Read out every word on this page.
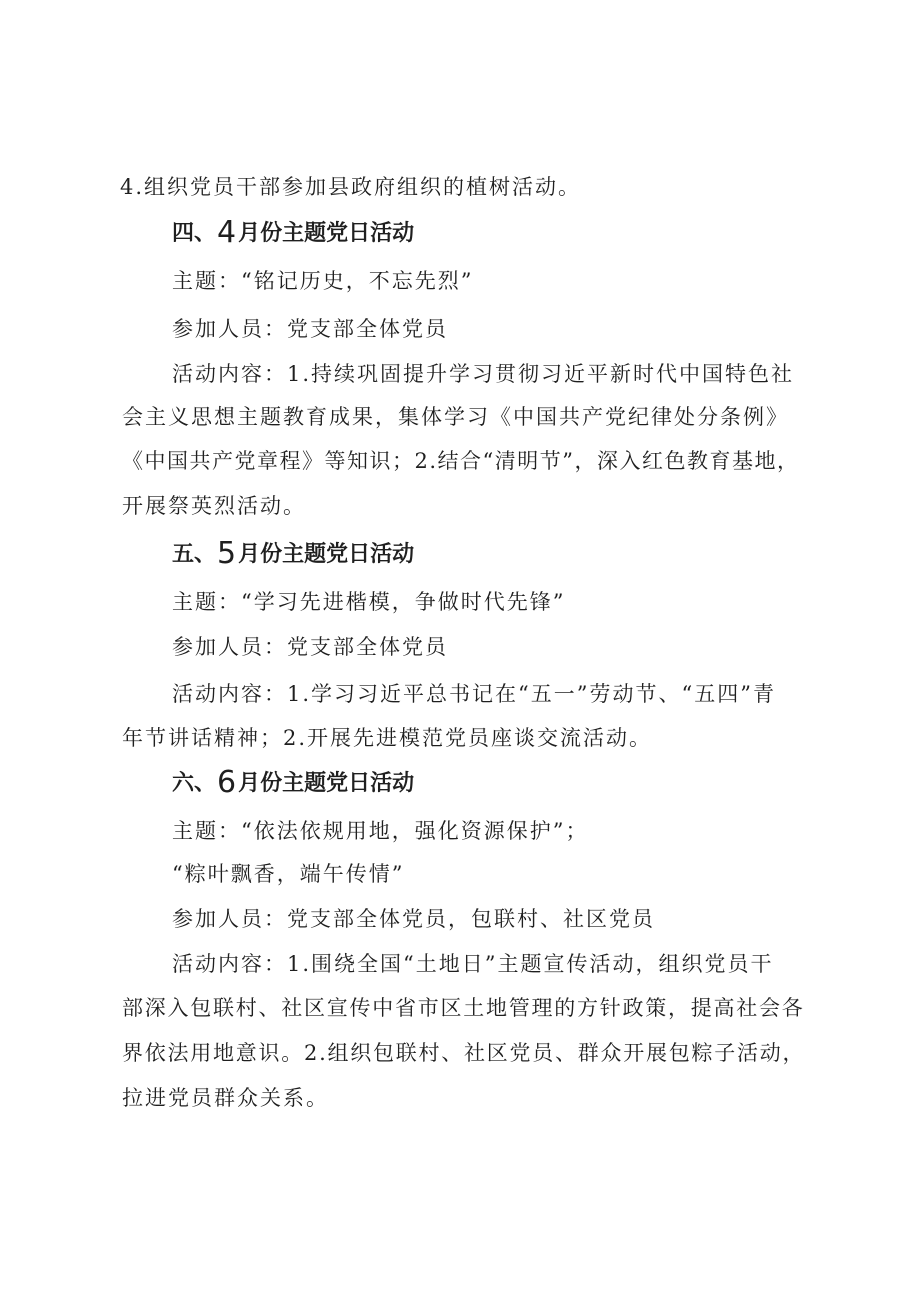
4.组织党员干部参加县政府组织的植树活动。

四、4月份主题党日活动

主题：“铭记历史，不忘先烈”

参加人员：党支部全体党员

活动内容：1.持续巩固提升学习贯彻习近平新时代中国特色社

会主义思想主题教育成果，集体学习《中国共产党纪律处分条例》

《中国共产党章程》等知识；2.结合“清明节”，深入红色教育基地，

开展祭英烈活动。

五、5月份主题党日活动

主题：“学习先进楷模，争做时代先锋”

参加人员：党支部全体党员

活动内容：1.学习习近平总书记在“五一”劳动节、“五四”青

年节讲话精神；2.开展先进模范党员座谈交流活动。

六、6月份主题党日活动

主题：“依法依规用地，强化资源保护”；

“粽叶飘香，端午传情”

参加人员：党支部全体党员，包联村、社区党员

活动内容：1.围绕全国“土地日”主题宣传活动，组织党员干

部深入包联村、社区宣传中省市区土地管理的方针政策，提高社会各

界依法用地意识。2.组织包联村、社区党员、群众开展包粽子活动，

拉进党员群众关系。
